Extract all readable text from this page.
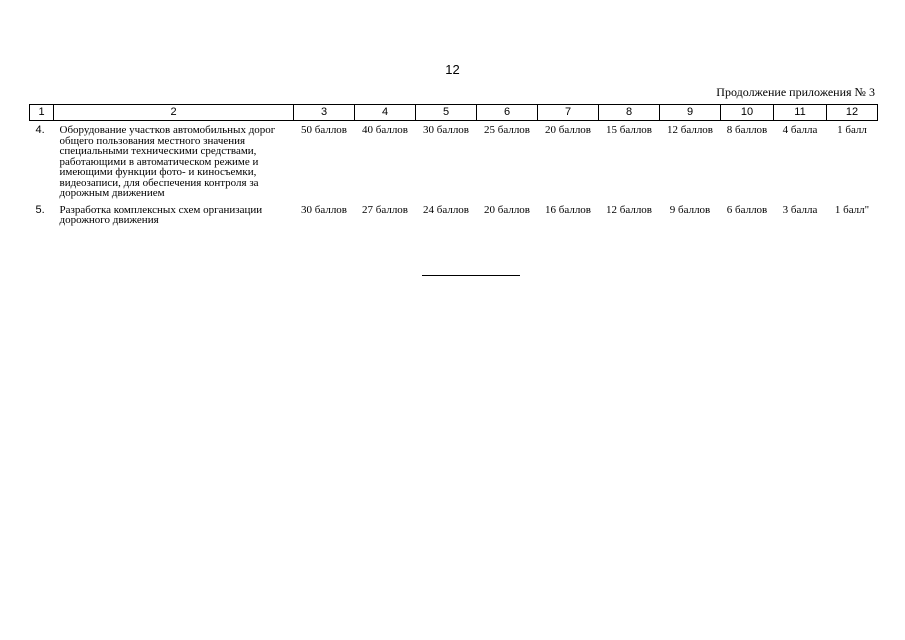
12
Продолжение приложения № 3
1	2	3	4	5	6	7	8	9	10	11	12
4.	Оборудование участков автомобильных дорог общего пользования местного значения специальными техническими средствами, работающими в автоматическом режиме и имеющими функции фото- и киносъемки, видеозаписи, для обеспечения контроля за дорожным движением	50 баллов	40 баллов	30 баллов	25 баллов	20 баллов	15 баллов	12 баллов	8 баллов	4 балла	1 балл
5.	Разработка комплексных схем организации дорожного движения	30 баллов	27 баллов	24 баллов	20 баллов	16 баллов	12 баллов	9 баллов	6 баллов	3 балла	1 балл"
